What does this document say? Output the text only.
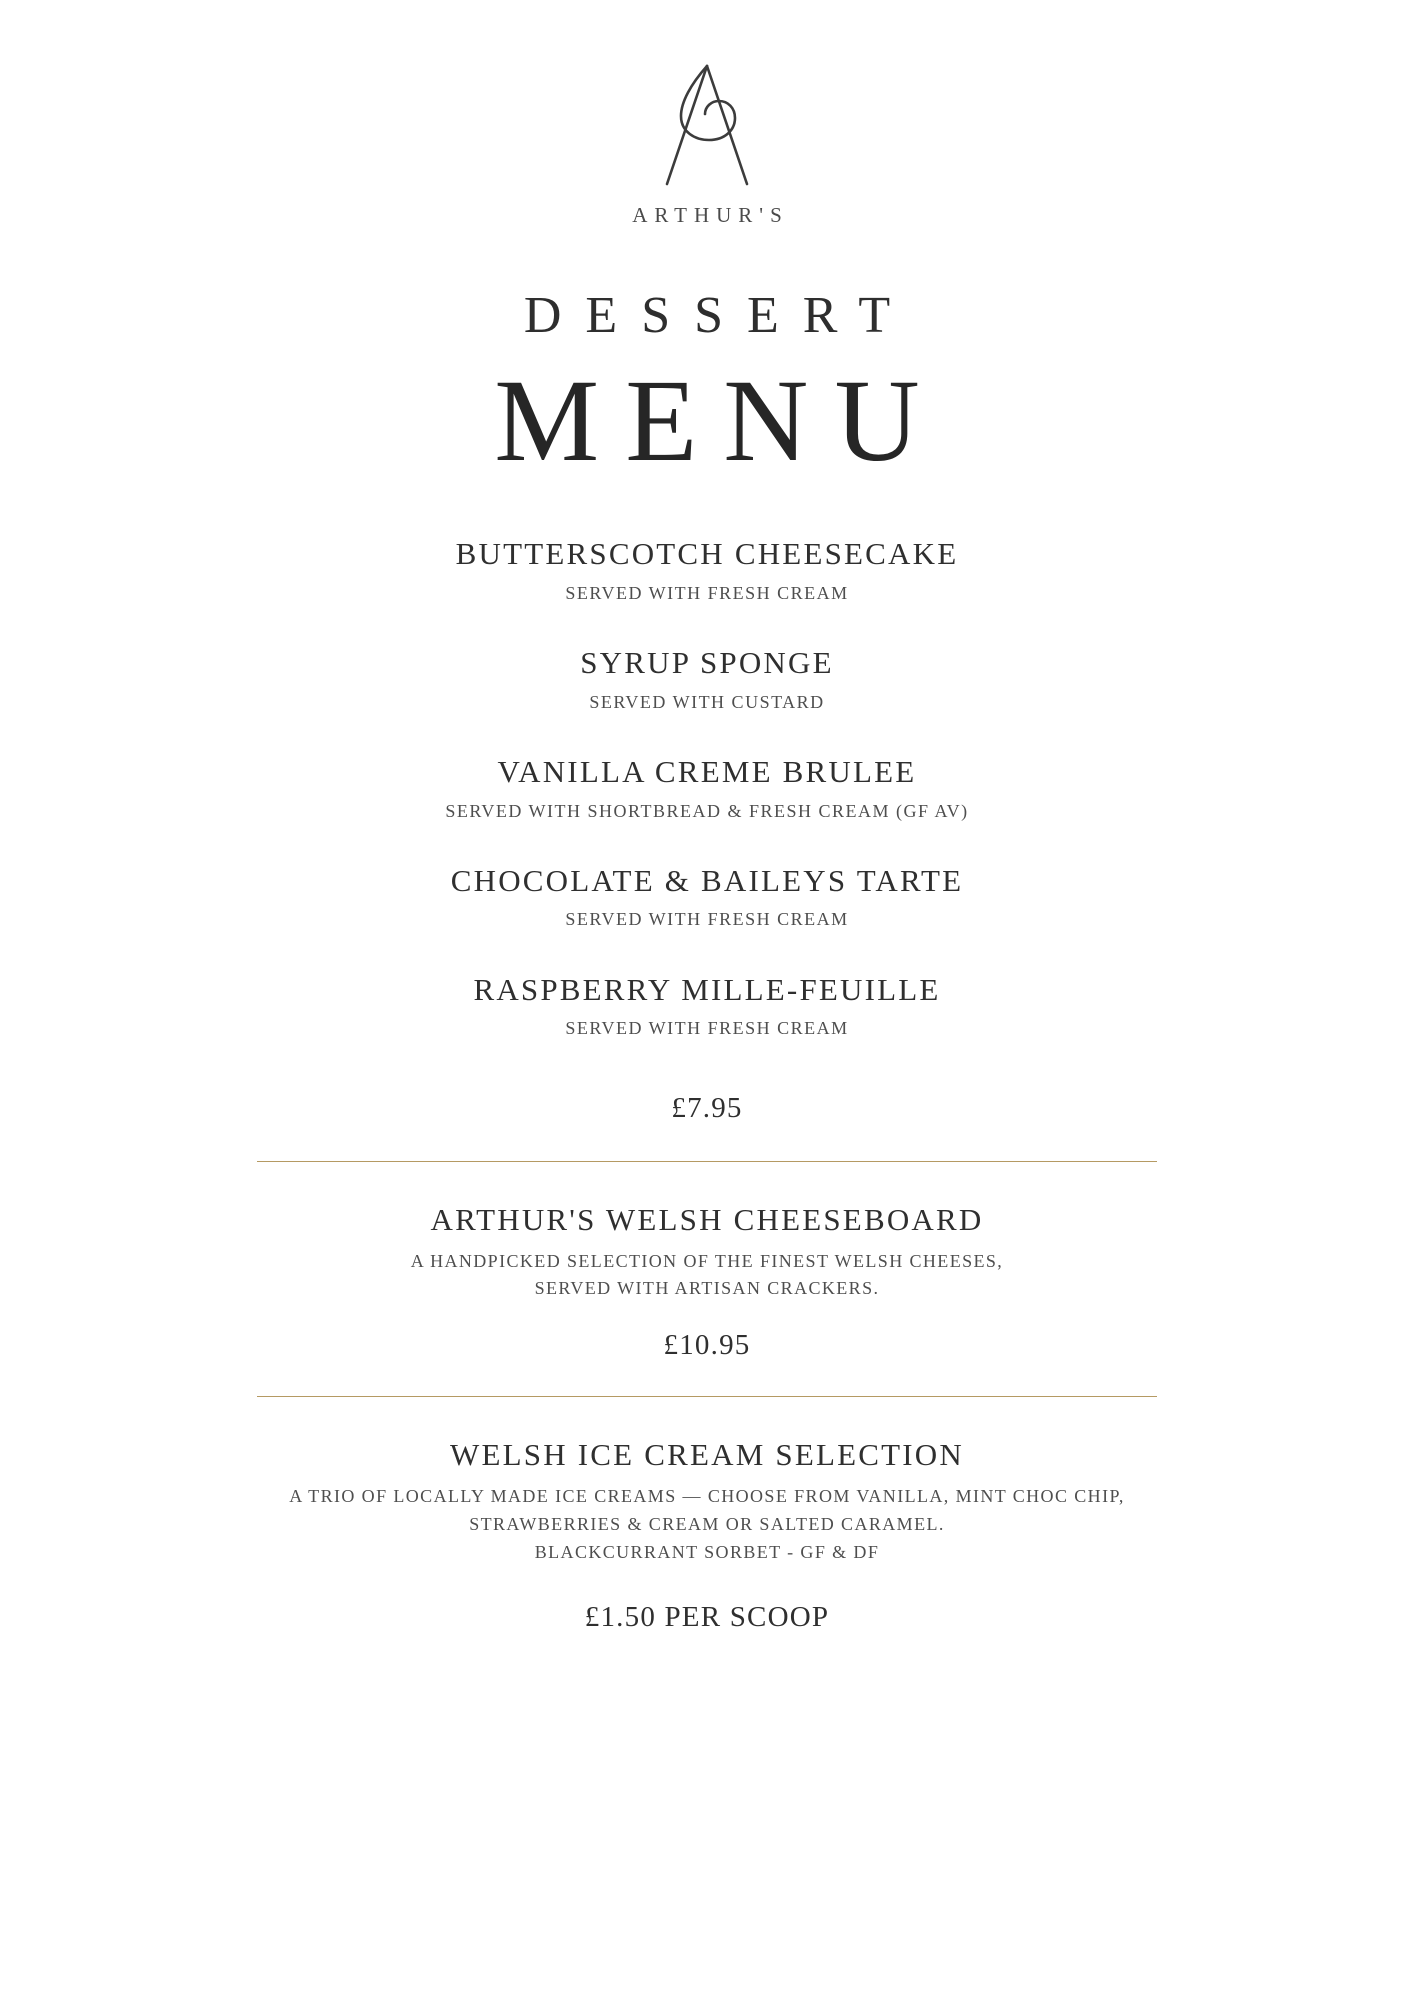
ARTHUR'S
DESSERT
MENU
BUTTERSCOTCH CHEESECAKE
SERVED WITH FRESH CREAM
SYRUP SPONGE
SERVED WITH CUSTARD
VANILLA CREME BRULEE
SERVED WITH SHORTBREAD & FRESH CREAM (GF AV)
CHOCOLATE & BAILEYS TARTE
SERVED WITH FRESH CREAM
RASPBERRY MILLE-FEUILLE
SERVED WITH FRESH CREAM
£7.95
ARTHUR'S WELSH CHEESEBOARD
A HANDPICKED SELECTION OF THE FINEST WELSH CHEESES,
SERVED WITH ARTISAN CRACKERS.
£10.95
WELSH ICE CREAM SELECTION
A TRIO OF LOCALLY MADE ICE CREAMS — CHOOSE FROM VANILLA, MINT CHOC CHIP,
STRAWBERRIES & CREAM OR SALTED CARAMEL.
BLACKCURRANT SORBET - GF & DF
£1.50 PER SCOOP
